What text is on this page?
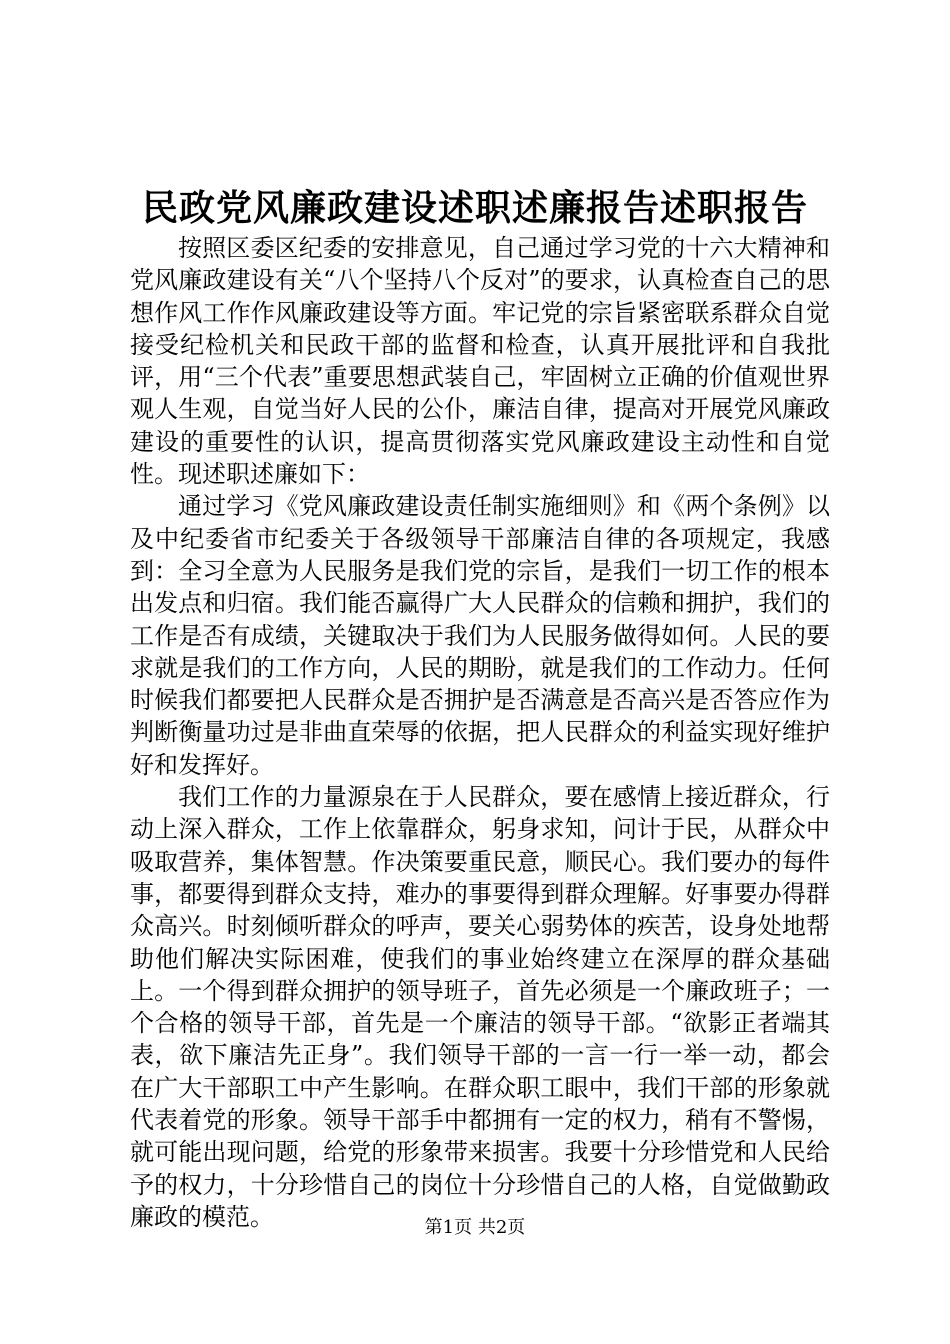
民政党风廉政建设述职述廉报告述职报告

按照区委区纪委的安排意见，自己通过学习党的十六大精神和党风廉政建设有关“八个坚持八个反对”的要求，认真检查自己的思想作风工作作风廉政建设等方面。牢记党的宗旨紧密联系群众自觉接受纪检机关和民政干部的监督和检查，认真开展批评和自我批评，用“三个代表”重要思想武装自己，牢固树立正确的价值观世界观人生观，自觉当好人民的公仆，廉洁自律，提高对开展党风廉政建设的重要性的认识，提高贯彻落实党风廉政建设主动性和自觉性。现述职述廉如下：

通过学习《党风廉政建设责任制实施细则》和《两个条例》以及中纪委省市纪委关于各级领导干部廉洁自律的各项规定，我感到：全习全意为人民服务是我们党的宗旨，是我们一切工作的根本出发点和归宿。我们能否赢得广大人民群众的信赖和拥护，我们的工作是否有成绩，关键取决于我们为人民服务做得如何。人民的要求就是我们的工作方向，人民的期盼，就是我们的工作动力。任何时候我们都要把人民群众是否拥护是否满意是否高兴是否答应作为判断衡量功过是非曲直荣辱的依据，把人民群众的利益实现好维护好和发挥好。

我们工作的力量源泉在于人民群众，要在感情上接近群众，行动上深入群众，工作上依靠群众，躬身求知，问计于民，从群众中吸取营养，集体智慧。作决策要重民意，顺民心。我们要办的每件事，都要得到群众支持，难办的事要得到群众理解。好事要办得群众高兴。时刻倾听群众的呼声，要关心弱势体的疾苦，设身处地帮助他们解决实际困难，使我们的事业始终建立在深厚的群众基础上。一个得到群众拥护的领导班子，首先必须是一个廉政班子；一个合格的领导干部，首先是一个廉洁的领导干部。“欲影正者端其表，欲下廉洁先正身”。我们领导干部的一言一行一举一动，都会在广大干部职工中产生影响。在群众职工眼中，我们干部的形象就代表着党的形象。领导干部手中都拥有一定的权力，稍有不警惕，就可能出现问题，给党的形象带来损害。我要十分珍惜党和人民给予的权力，十分珍惜自己的岗位十分珍惜自己的人格，自觉做勤政廉政的模范。	第1页 共2页
